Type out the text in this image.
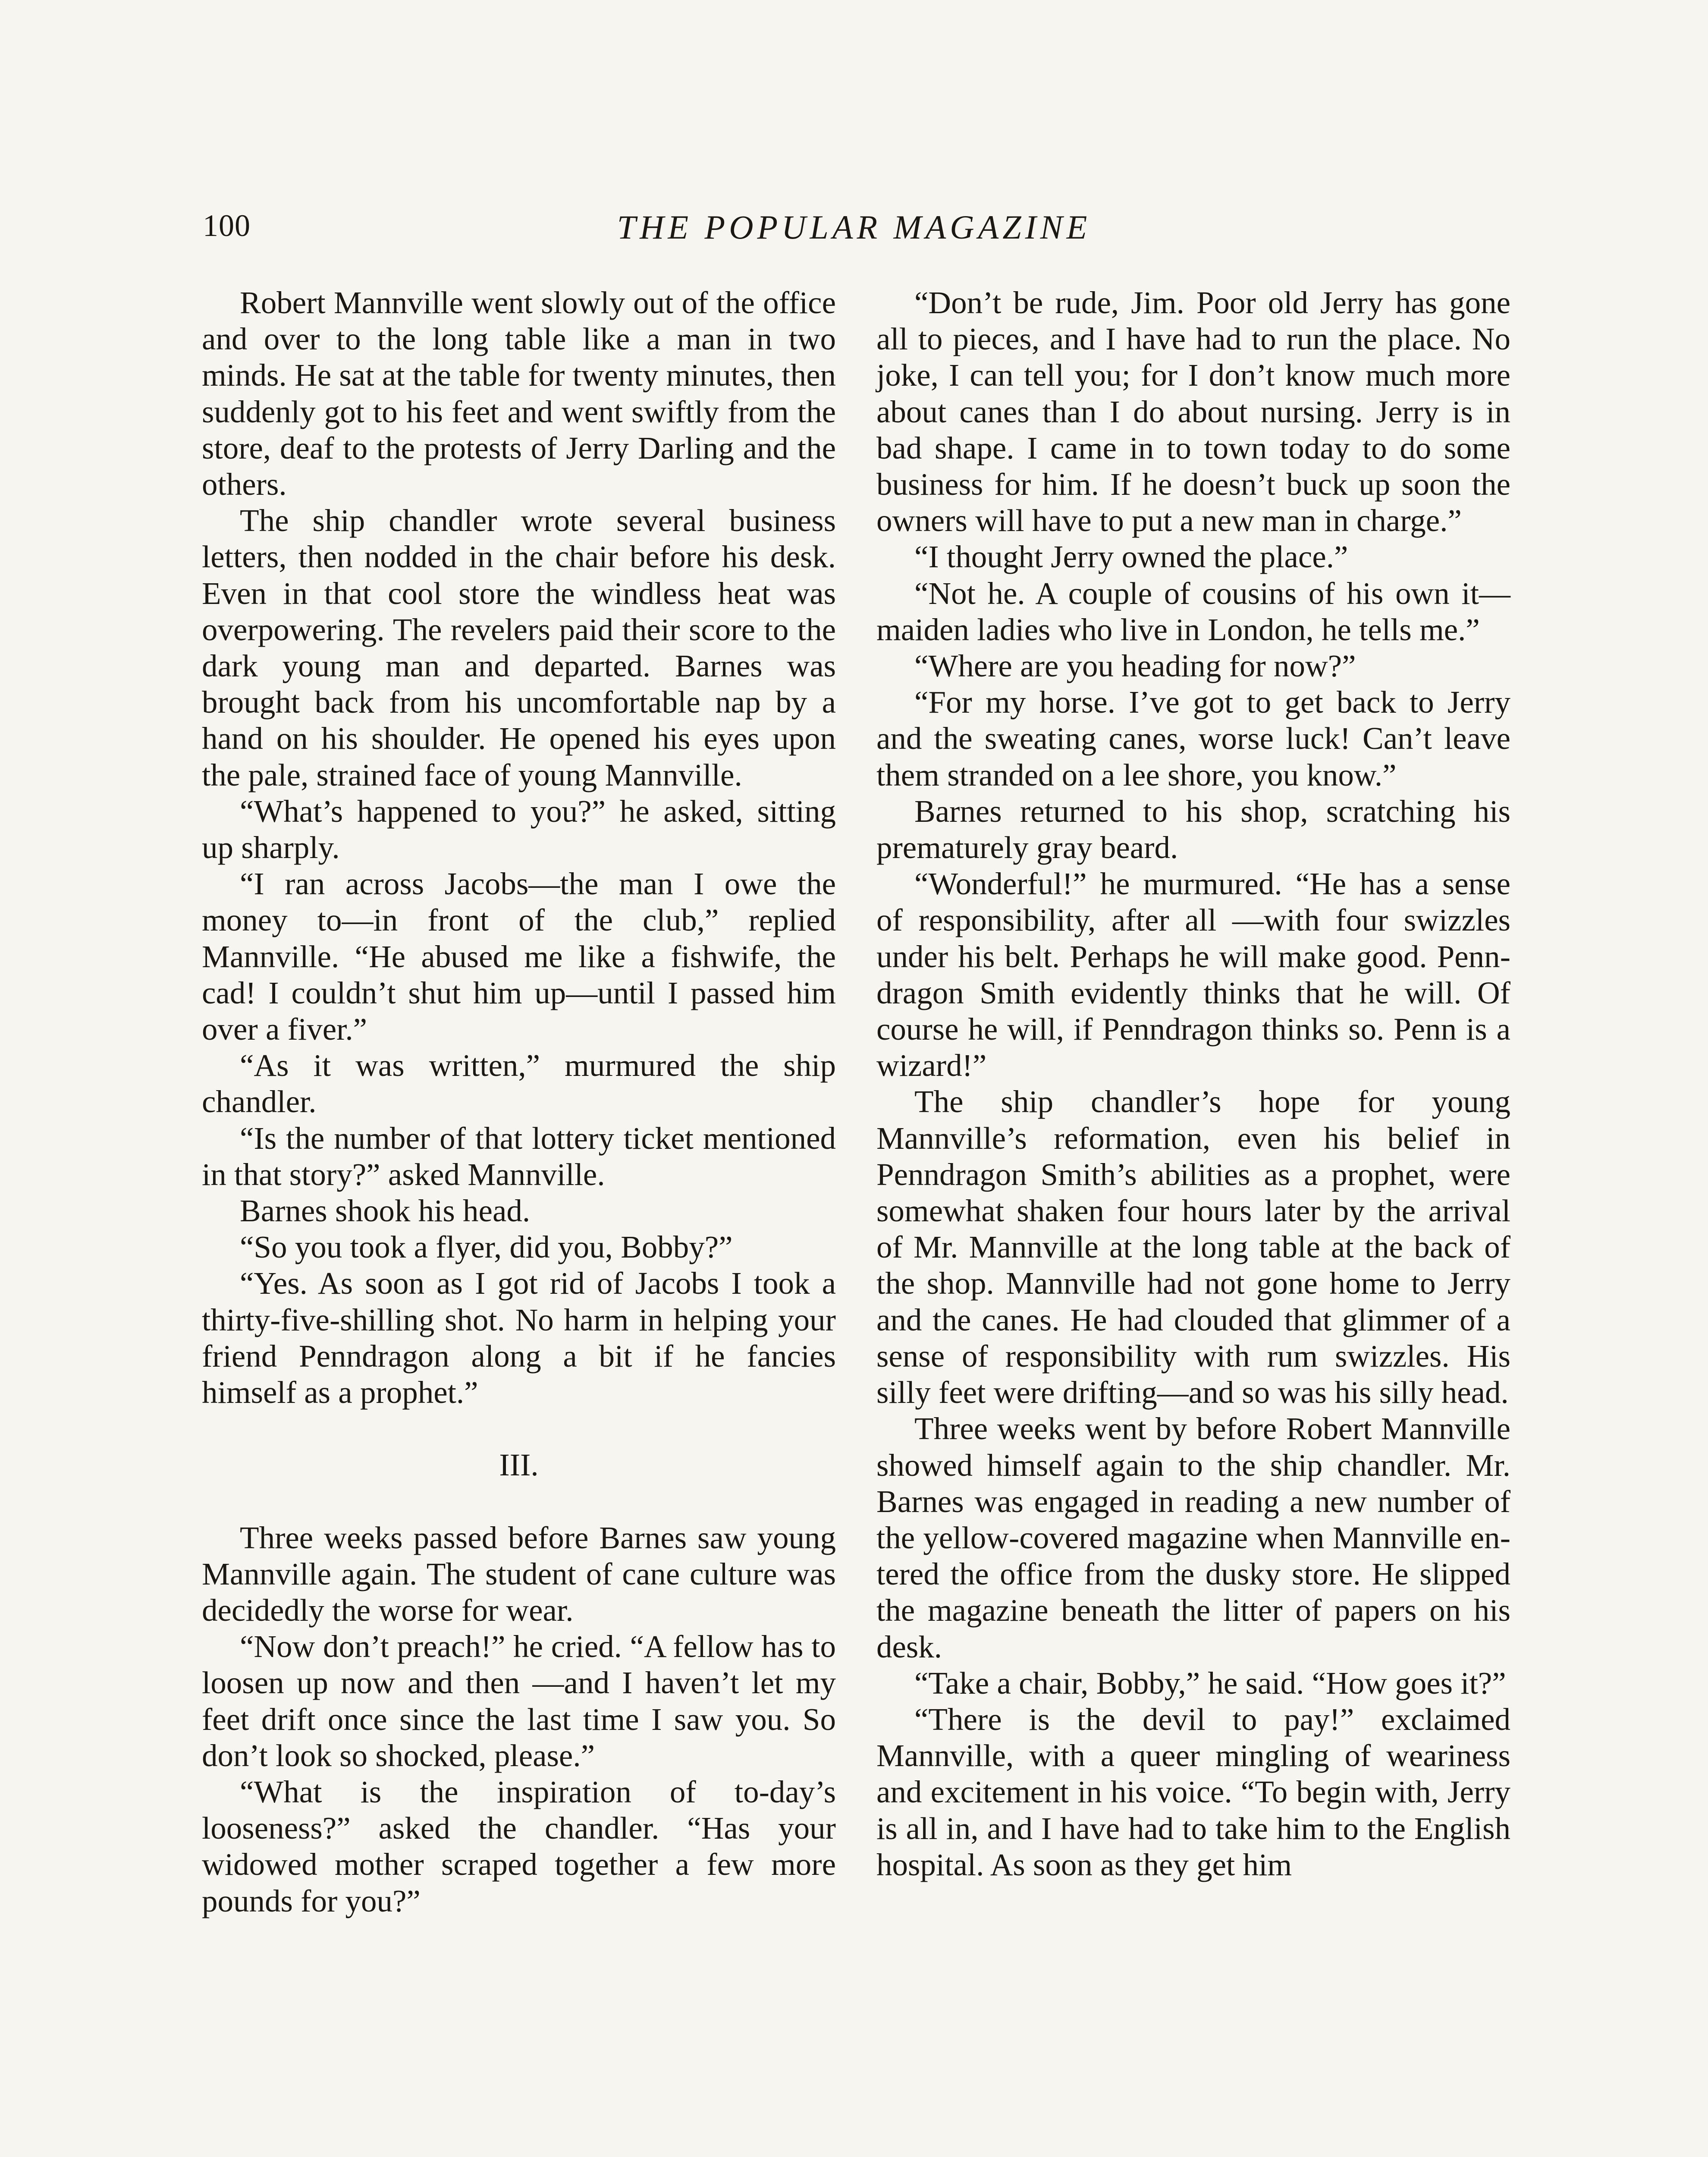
100	THE POPULAR MAGAZINE

Robert Mannville went slowly out of the office and over to the long table like a man in two minds. He sat at the table for twenty minutes, then suddenly got to his feet and went swiftly from the store, deaf to the protests of Jerry Darling and the others.

The ship chandler wrote several business letters, then nodded in the chair before his desk. Even in that cool store the windless heat was overpowering. The revelers paid their score to the dark young man and departed. Barnes was brought back from his uncomfortable nap by a hand on his shoulder. He opened his eyes upon the pale, strained face of young Mannville.

“What’s happened to you?” he asked, sitting up sharply.

“I ran across Jacobs—the man I owe the money to—in front of the club,” replied Mannville. “He abused me like a fishwife, the cad! I couldn’t shut him up—until I passed him over a fiver.”

“As it was written,” murmured the ship chandler.

“Is the number of that lottery ticket mentioned in that story?” asked Mannville.

Barnes shook his head.

“So you took a flyer, did you, Bobby?”

“Yes. As soon as I got rid of Jacobs I took a thirty-five-shilling shot. No harm in helping your friend Penndragon along a bit if he fancies himself as a prophet.”

III.

Three weeks passed before Barnes saw young Mannville again. The student of cane culture was decidedly the worse for wear.

“Now don’t preach!” he cried. “A fellow has to loosen up now and then —and I haven’t let my feet drift once since the last time I saw you. So don’t look so shocked, please.”

“What is the inspiration of to-day’s looseness?” asked the chandler. “Has your widowed mother scraped together a few more pounds for you?”

“Don’t be rude, Jim. Poor old Jerry has gone all to pieces, and I have had to run the place. No joke, I can tell you; for I don’t know much more about canes than I do about nursing. Jerry is in bad shape. I came in to town today to do some business for him. If he doesn’t buck up soon the owners will have to put a new man in charge.”

“I thought Jerry owned the place.”

“Not he. A couple of cousins of his own it—maiden ladies who live in London, he tells me.”

“Where are you heading for now?”

“For my horse. I’ve got to get back to Jerry and the sweating canes, worse luck! Can’t leave them stranded on a lee shore, you know.”

Barnes returned to his shop, scratching his prematurely gray beard.

“Wonderful!” he murmured. “He has a sense of responsibility, after all —with four swizzles under his belt. Perhaps he will make good. Penndragon Smith evidently thinks that he will. Of course he will, if Penndragon thinks so. Penn is a wizard!”

The ship chandler’s hope for young Mannville’s reformation, even his belief in Penndragon Smith’s abilities as a prophet, were somewhat shaken four hours later by the arrival of Mr. Mannville at the long table at the back of the shop. Mannville had not gone home to Jerry and the canes. He had clouded that glimmer of a sense of responsibility with rum swizzles. His silly feet were drifting—and so was his silly head.

Three weeks went by before Robert Mannville showed himself again to the ship chandler. Mr. Barnes was engaged in reading a new number of the yellow-covered magazine when Mannville entered the office from the dusky store. He slipped the magazine beneath the litter of papers on his desk.

“Take a chair, Bobby,” he said. “How goes it?”

“There is the devil to pay!” exclaimed Mannville, with a queer mingling of weariness and excitement in his voice. “To begin with, Jerry is all in, and I have had to take him to the English hospital. As soon as they get him
